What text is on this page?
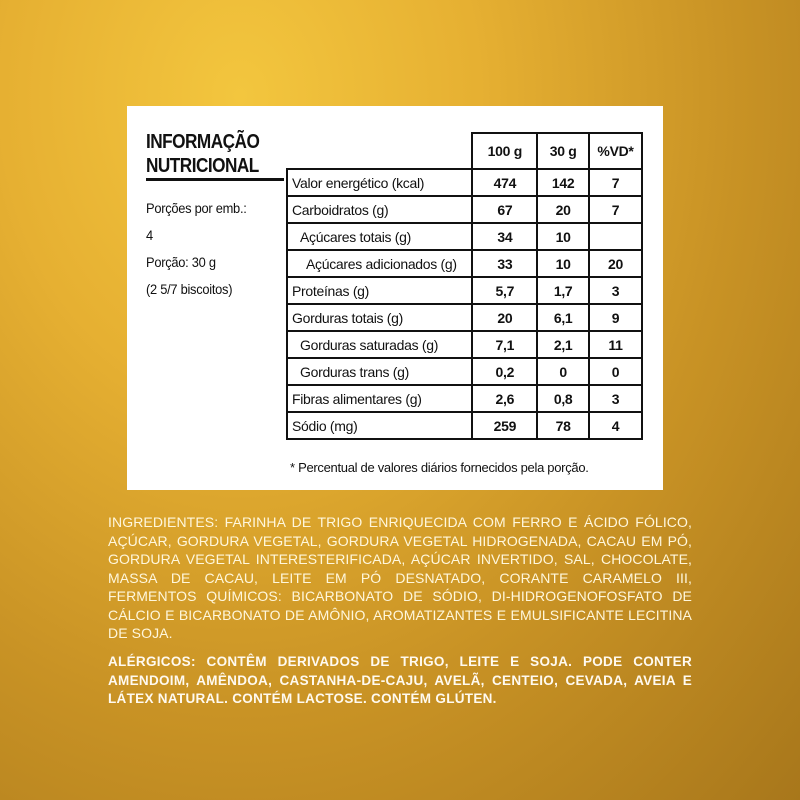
INFORMAÇÃO
NUTRICIONAL
Porções por emb.:
4
Porção: 30 g
(2 5/7 biscoitos)
	100 g	30 g	%VD*
Valor energético (kcal)	474	142	7
Carboidratos (g)	67	20	7
Açúcares totais (g)	34	10	
Açúcares adicionados (g)	33	10	20
Proteínas (g)	5,7	1,7	3
Gorduras totais (g)	20	6,1	9
Gorduras saturadas (g)	7,1	2,1	11
Gorduras trans (g)	0,2	0	0
Fibras alimentares (g)	2,6	0,8	3
Sódio (mg)	259	78	4
* Percentual de valores diários fornecidos pela porção.
INGREDIENTES: FARINHA DE TRIGO ENRIQUECIDA COM FERRO E ÁCIDO FÓLICO, AÇÚCAR, GORDURA VEGETAL, GORDURA VEGETAL HIDROGENADA, CACAU EM PÓ, GORDURA VEGETAL INTERESTERIFICADA, AÇÚCAR INVERTIDO, SAL, CHOCOLATE, MASSA DE CACAU, LEITE EM PÓ DESNATADO, CORANTE CARAMELO III, FERMENTOS QUÍMICOS: BICARBONATO DE SÓDIO, DI-HIDROGENOFOSFATO DE CÁLCIO E BICARBONATO DE AMÔNIO, AROMATIZANTES E EMULSIFICANTE LECITINA DE SOJA.
ALÉRGICOS: CONTÊM DERIVADOS DE TRIGO, LEITE E SOJA. PODE CONTER AMENDOIM, AMÊNDOA, CASTANHA-DE-CAJU, AVELÃ, CENTEIO, CEVADA, AVEIA E LÁTEX NATURAL. CONTÉM LACTOSE. CONTÉM GLÚTEN.
